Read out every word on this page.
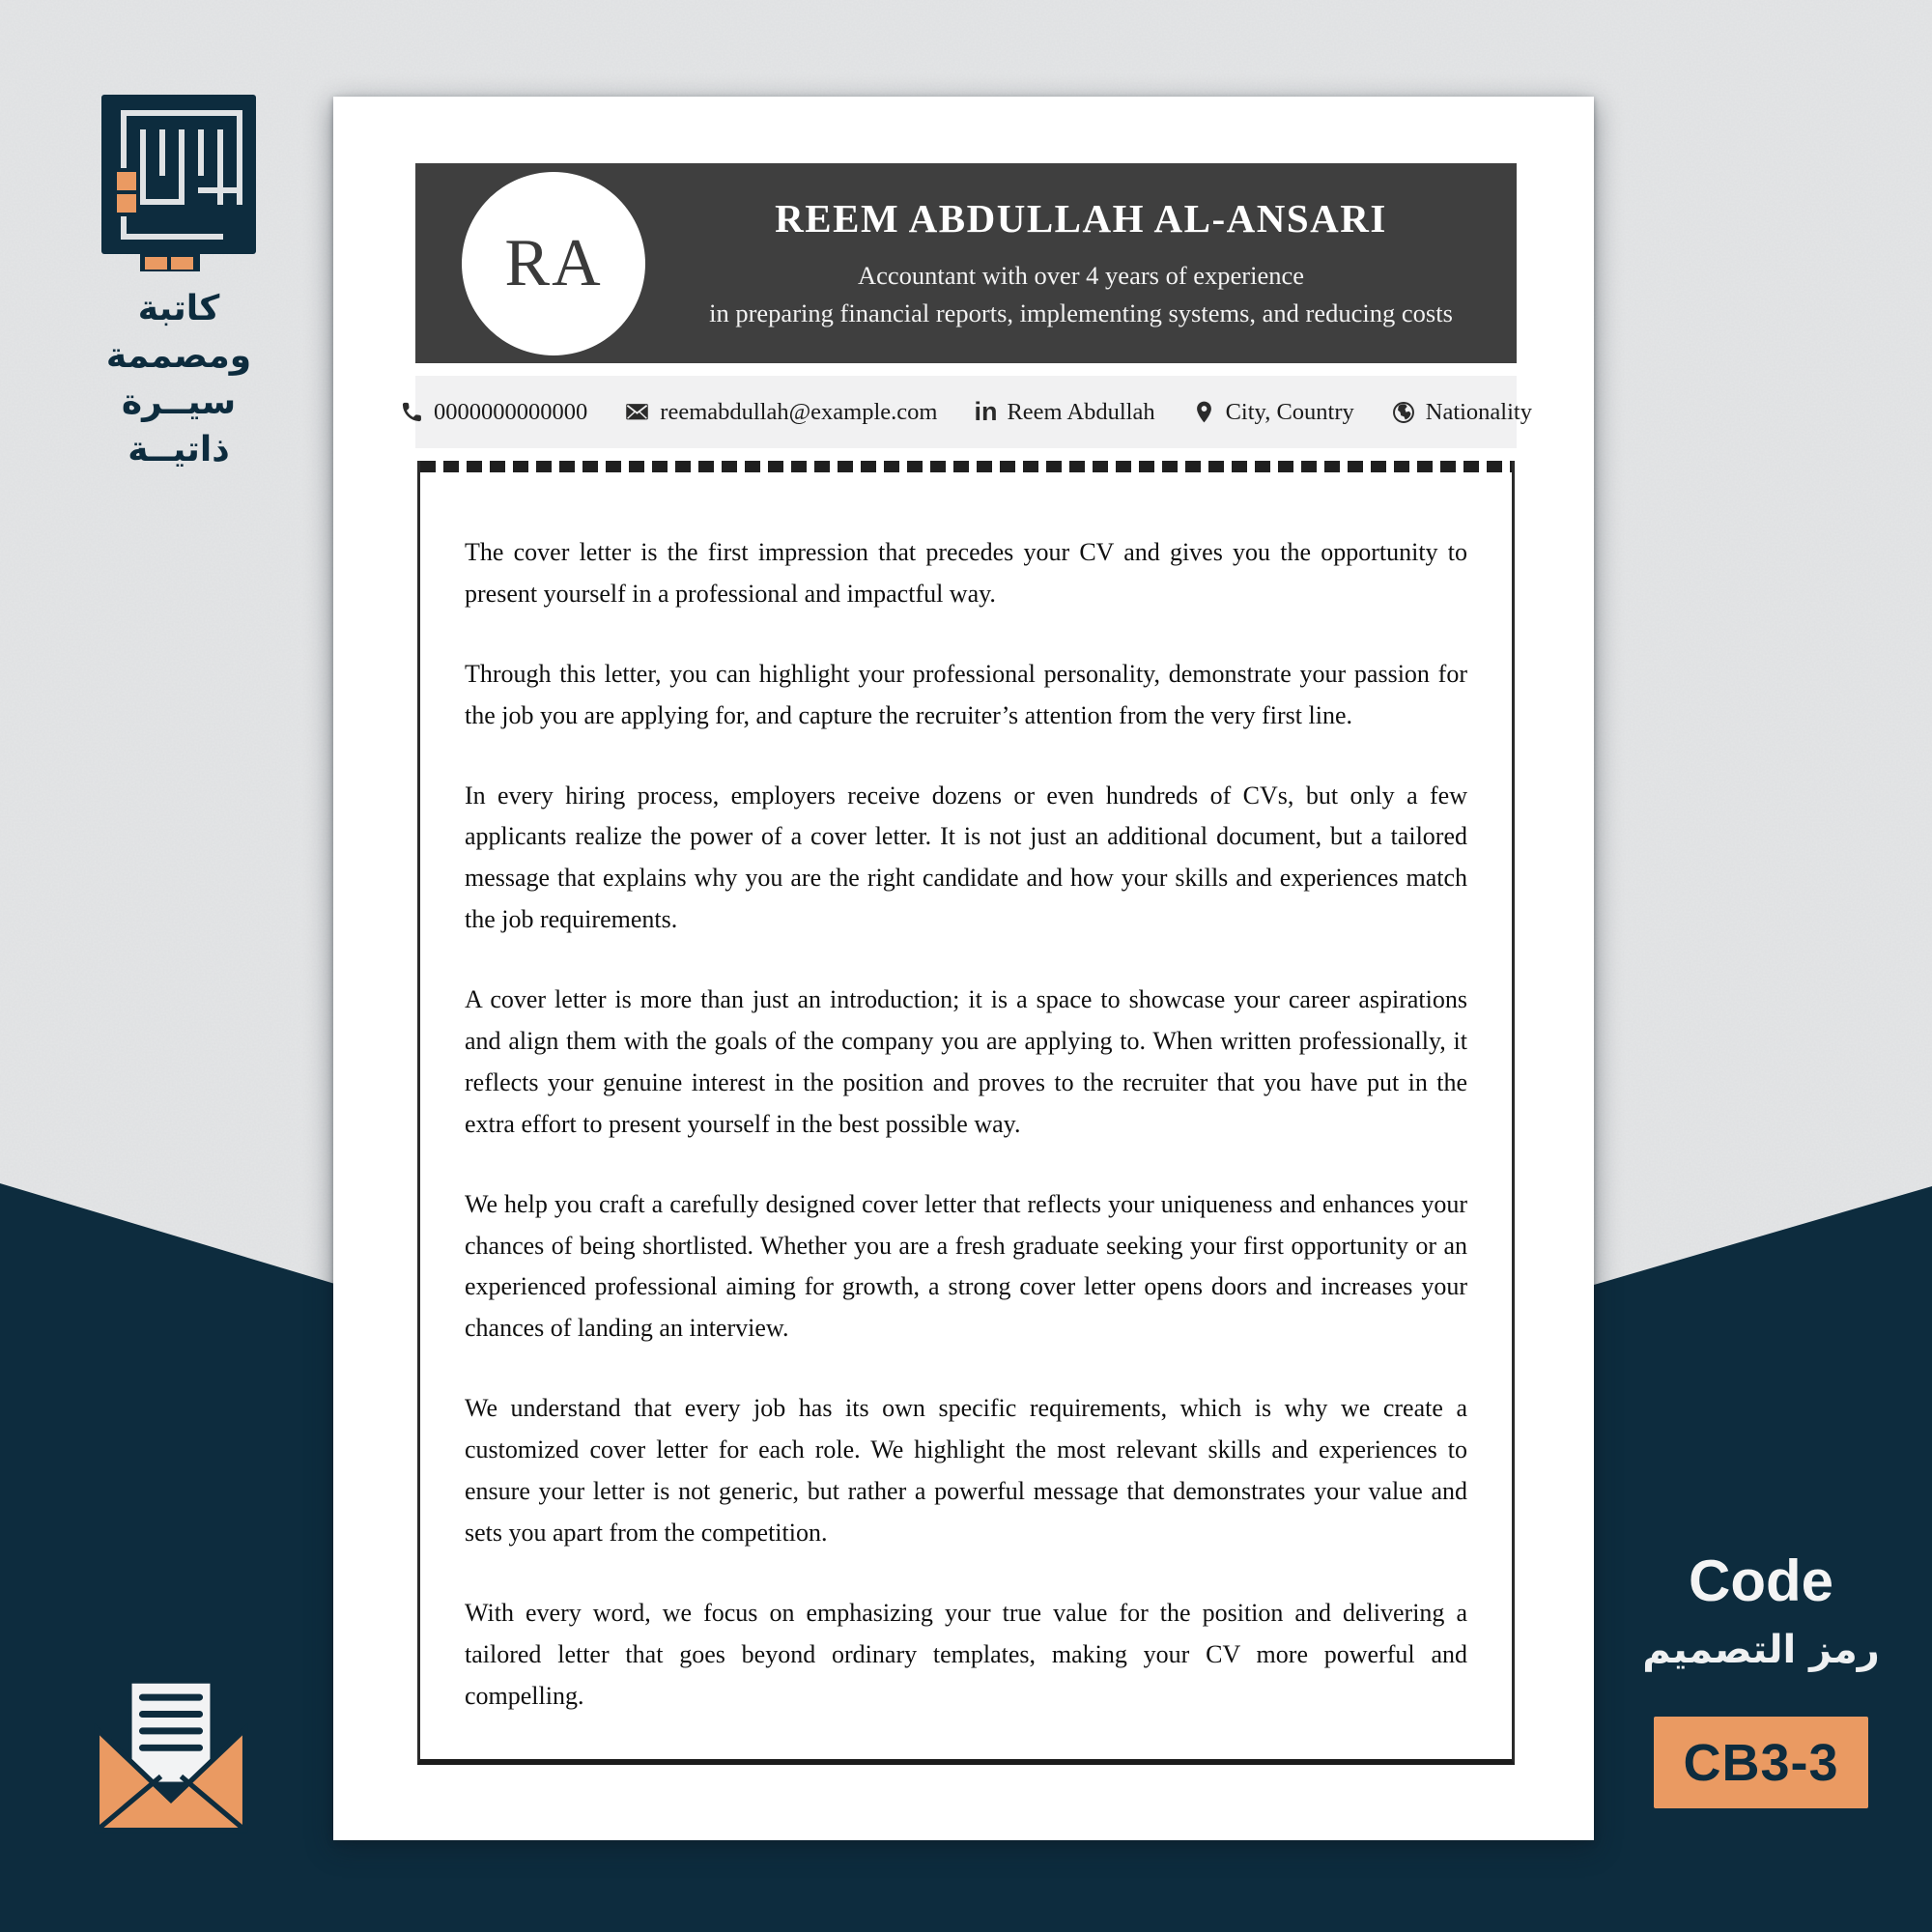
كاتبة ومصممة
سيــرة ذاتيــة
RA

REEM ABDULLAH AL-ANSARI

Accountant with over 4 years of experience
in preparing financial reports, implementing systems, and reducing costs

0000000000000	reemabdullah@example.com in Reem Abdullah	City, Country	Nationality

The cover letter is the first impression that precedes your CV and gives you the opportunity to present yourself in a professional and impactful way.

Through this letter, you can highlight your professional personality, demonstrate your passion for the job you are applying for, and capture the recruiter’s attention from the very first line.

In every hiring process, employers receive dozens or even hundreds of CVs, but only a few applicants realize the power of a cover letter. It is not just an additional document, but a tailored message that explains why you are the right candidate and how your skills and experiences match the job requirements.

A cover letter is more than just an introduction; it is a space to showcase your career aspirations and align them with the goals of the company you are applying to. When written professionally, it reflects your genuine interest in the position and proves to the recruiter that you have put in the extra effort to present yourself in the best possible way.

We help you craft a carefully designed cover letter that reflects your uniqueness and enhances your chances of being shortlisted. Whether you are a fresh graduate seeking your first opportunity or an experienced professional aiming for growth, a strong cover letter opens doors and increases your chances of landing an interview.

We understand that every job has its own specific requirements, which is why we create a customized cover letter for each role. We highlight the most relevant skills and experiences to ensure your letter is not generic, but rather a powerful message that demonstrates your value and sets you apart from the competition.

With every word, we focus on emphasizing your true value for the position and delivering a tailored letter that goes beyond ordinary templates, making your CV more powerful and compelling.

Code

رمز التصميم

CB3-3
